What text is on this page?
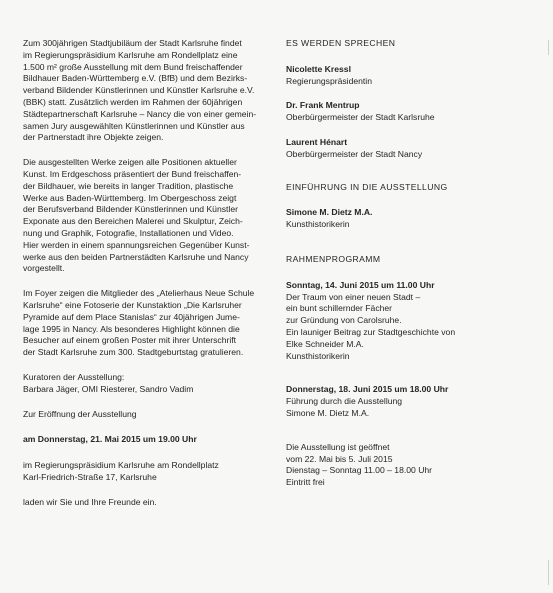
Zum 300jährigen Stadtjubiläum der Stadt Karlsruhe findet
im Regierungspräsidium Karlsruhe am Rondellplatz eine
1.500 m² große Ausstellung mit dem Bund freischaffender
Bildhauer Baden-Württemberg e.V. (BfB) und dem Bezirks-
verband Bildender Künstlerinnen und Künstler Karlsruhe e.V.
(BBK) statt. Zusätzlich werden im Rahmen der 60jährigen
Städtepartnerschaft Karlsruhe – Nancy die von einer gemein-
samen Jury ausgewählten Künstlerinnen und Künstler aus
der Partnerstadt ihre Objekte zeigen.
Die ausgestellten Werke zeigen alle Positionen aktueller
Kunst. Im Erdgeschoss präsentiert der Bund freischaffen-
der Bildhauer, wie bereits in langer Tradition, plastische
Werke aus Baden-Württemberg. Im Obergeschoss zeigt
der Berufsverband Bildender Künstlerinnen und Künstler
Exponate aus den Bereichen Malerei und Skulptur, Zeich-
nung und Graphik, Fotografie, Installationen und Video.
Hier werden in einem spannungsreichen Gegenüber Kunst-
werke aus den beiden Partnerstädten Karlsruhe und Nancy
vorgestellt.
Im Foyer zeigen die Mitglieder des „Atelierhaus Neue Schule
Karlsruhe“ eine Fotoserie der Kunstaktion „Die Karlsruher
Pyramide auf dem Place Stanislas“ zur 40jährigen Jume-
lage 1995 in Nancy. Als besonderes Highlight können die
Besucher auf einem großen Poster mit ihrer Unterschrift
der Stadt Karlsruhe zum 300. Stadtgeburtstag gratulieren.
Kuratoren der Ausstellung:
Barbara Jäger, OMI Riesterer, Sandro Vadim
Zur Eröffnung der Ausstellung
am Donnerstag, 21. Mai 2015 um 19.00 Uhr
im Regierungspräsidium Karlsruhe am Rondellplatz
Karl-Friedrich-Straße 17, Karlsruhe
laden wir Sie und Ihre Freunde ein.
ES WERDEN SPRECHEN
Nicolette Kressl
Regierungspräsidentin
Dr. Frank Mentrup
Oberbürgermeister der Stadt Karlsruhe
Laurent Hénart
Oberbürgermeister der Stadt Nancy
EINFÜHRUNG IN DIE AUSSTELLUNG
Simone M. Dietz M.A.
Kunsthistorikerin
RAHMENPROGRAMM
Sonntag, 14. Juni 2015 um 11.00 Uhr
Der Traum von einer neuen Stadt –
ein bunt schillernder Fächer
zur Gründung von Carolsruhe.
Ein launiger Beitrag zur Stadtgeschichte von
Elke Schneider M.A.
Kunsthistorikerin
Donnerstag, 18. Juni 2015 um 18.00 Uhr
Führung durch die Ausstellung
Simone M. Dietz M.A.
Die Ausstellung ist geöffnet
vom 22. Mai bis 5. Juli 2015
Dienstag – Sonntag 11.00 – 18.00 Uhr
Eintritt frei
